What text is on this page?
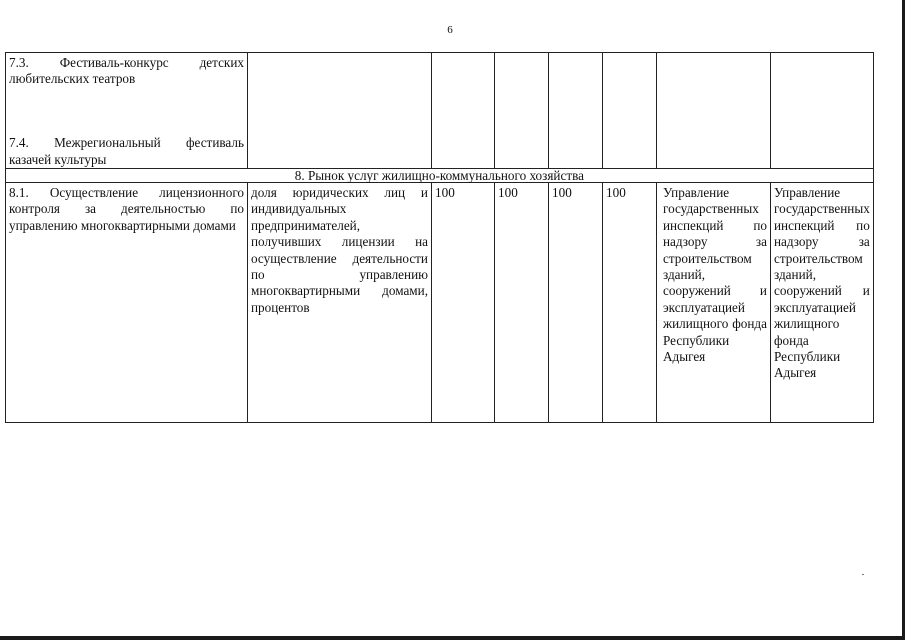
6
7.3. Фестиваль-конкурс детских любительских театров							
7.4. Межрегиональный фестиваль казачей культуры							
8. Рынок услуг жилищно-коммунального хозяйства							
8.1. Осуществление лицензионного контроля за деятельностью по управлению многоквартирными домами	доля юридических лиц и индивидуальных предпринимателей, получивших лицензии на осуществление деятельности по управлению многоквартирными домами, процентов	100	100	100	100	Управление государственных инспекций по надзору за строительством зданий, сооружений и эксплуатацией жилищного фонда Республики Адыгея	Управление государственных инспекций по надзору за строительством зданий, сооружений и эксплуатацией жилищного фонда Республики Адыгея
